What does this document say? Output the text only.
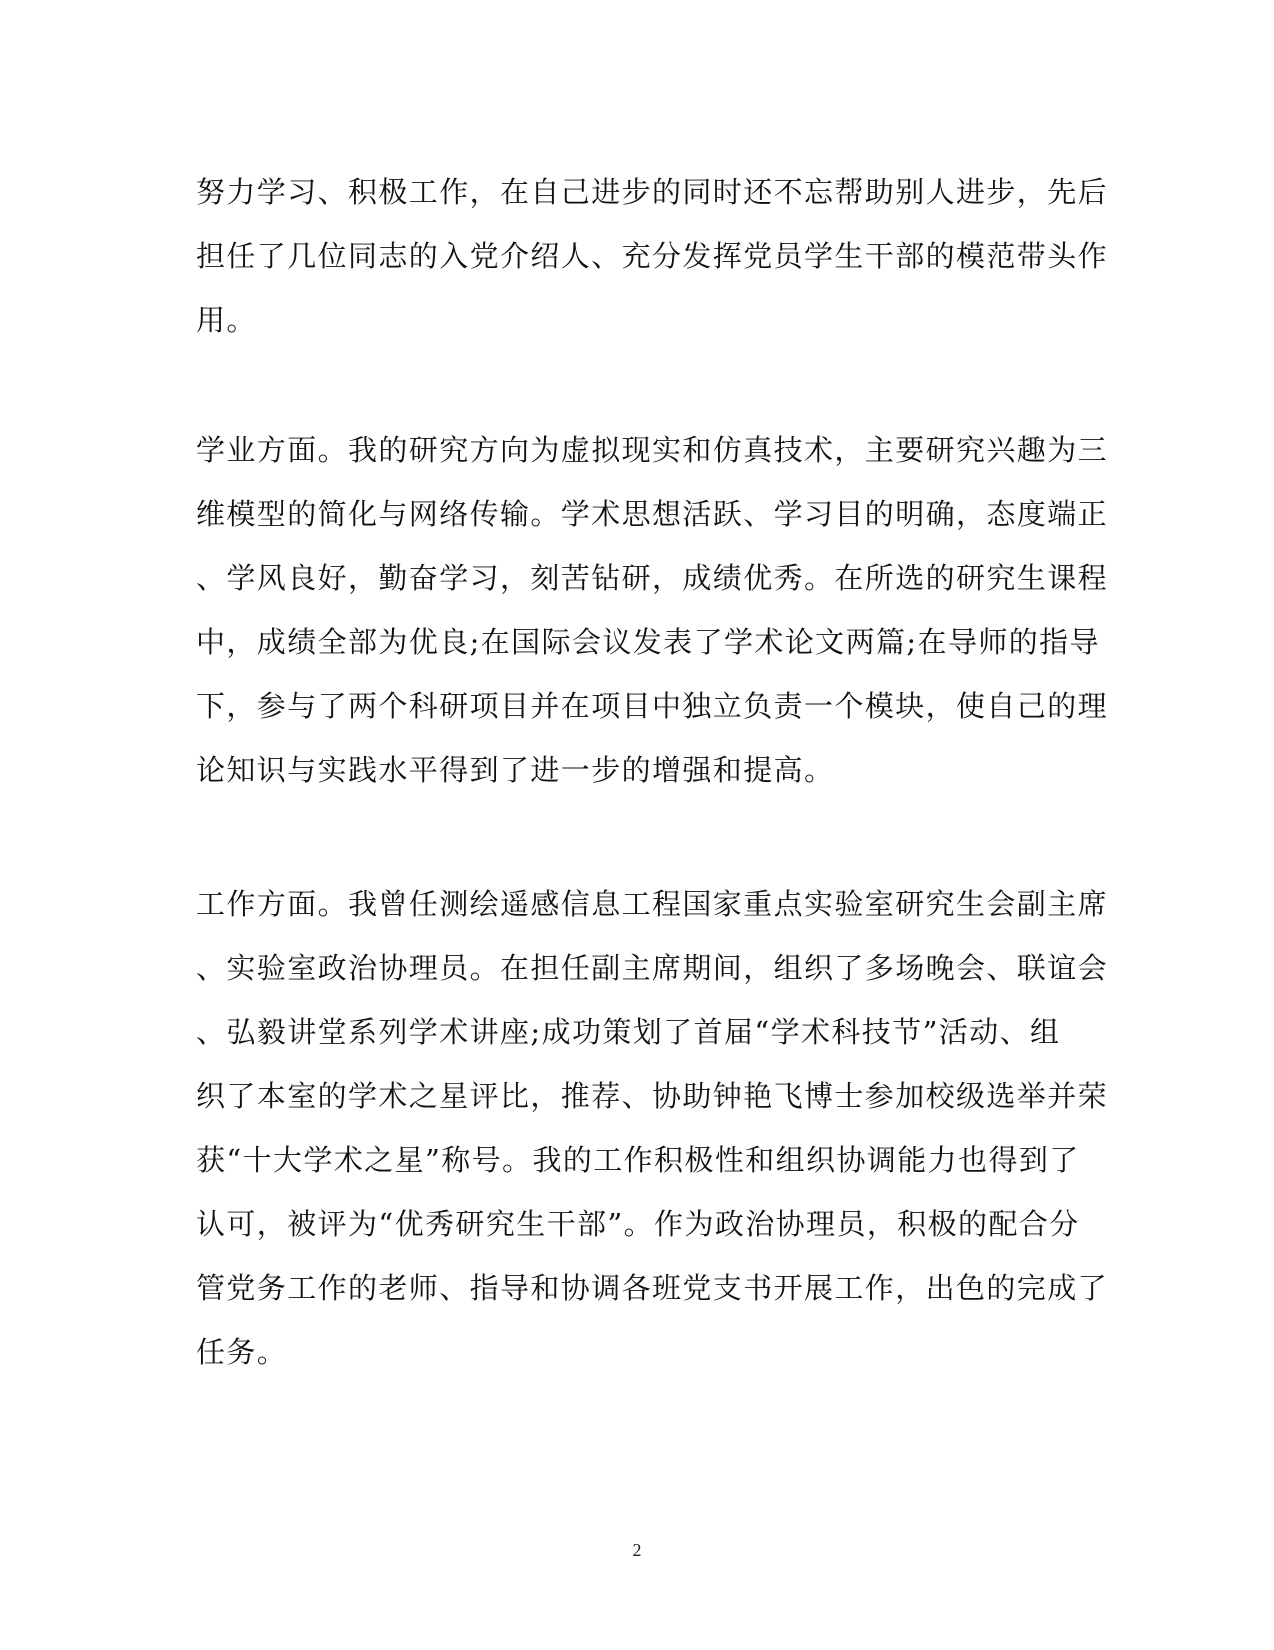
努力学习、积极工作，在自己进步的同时还不忘帮助别人进步，先后
担任了几位同志的入党介绍人、充分发挥党员学生干部的模范带头作
用。
学业方面。我的研究方向为虚拟现实和仿真技术，主要研究兴趣为三
维模型的简化与网络传输。学术思想活跃、学习目的明确，态度端正
、学风良好，勤奋学习，刻苦钻研，成绩优秀。在所选的研究生课程
中，成绩全部为优良;在国际会议发表了学术论文两篇;在导师的指导
下，参与了两个科研项目并在项目中独立负责一个模块，使自己的理
论知识与实践水平得到了进一步的增强和提高。
工作方面。我曾任测绘遥感信息工程国家重点实验室研究生会副主席
、实验室政治协理员。在担任副主席期间，组织了多场晚会、联谊会
、弘毅讲堂系列学术讲座;成功策划了首届“学术科技节”活动、组
织了本室的学术之星评比，推荐、协助钟艳飞博士参加校级选举并荣
获“十大学术之星”称号。我的工作积极性和组织协调能力也得到了
认可，被评为“优秀研究生干部”。作为政治协理员，积极的配合分
管党务工作的老师、指导和协调各班党支书开展工作，出色的完成了
任务。
2
